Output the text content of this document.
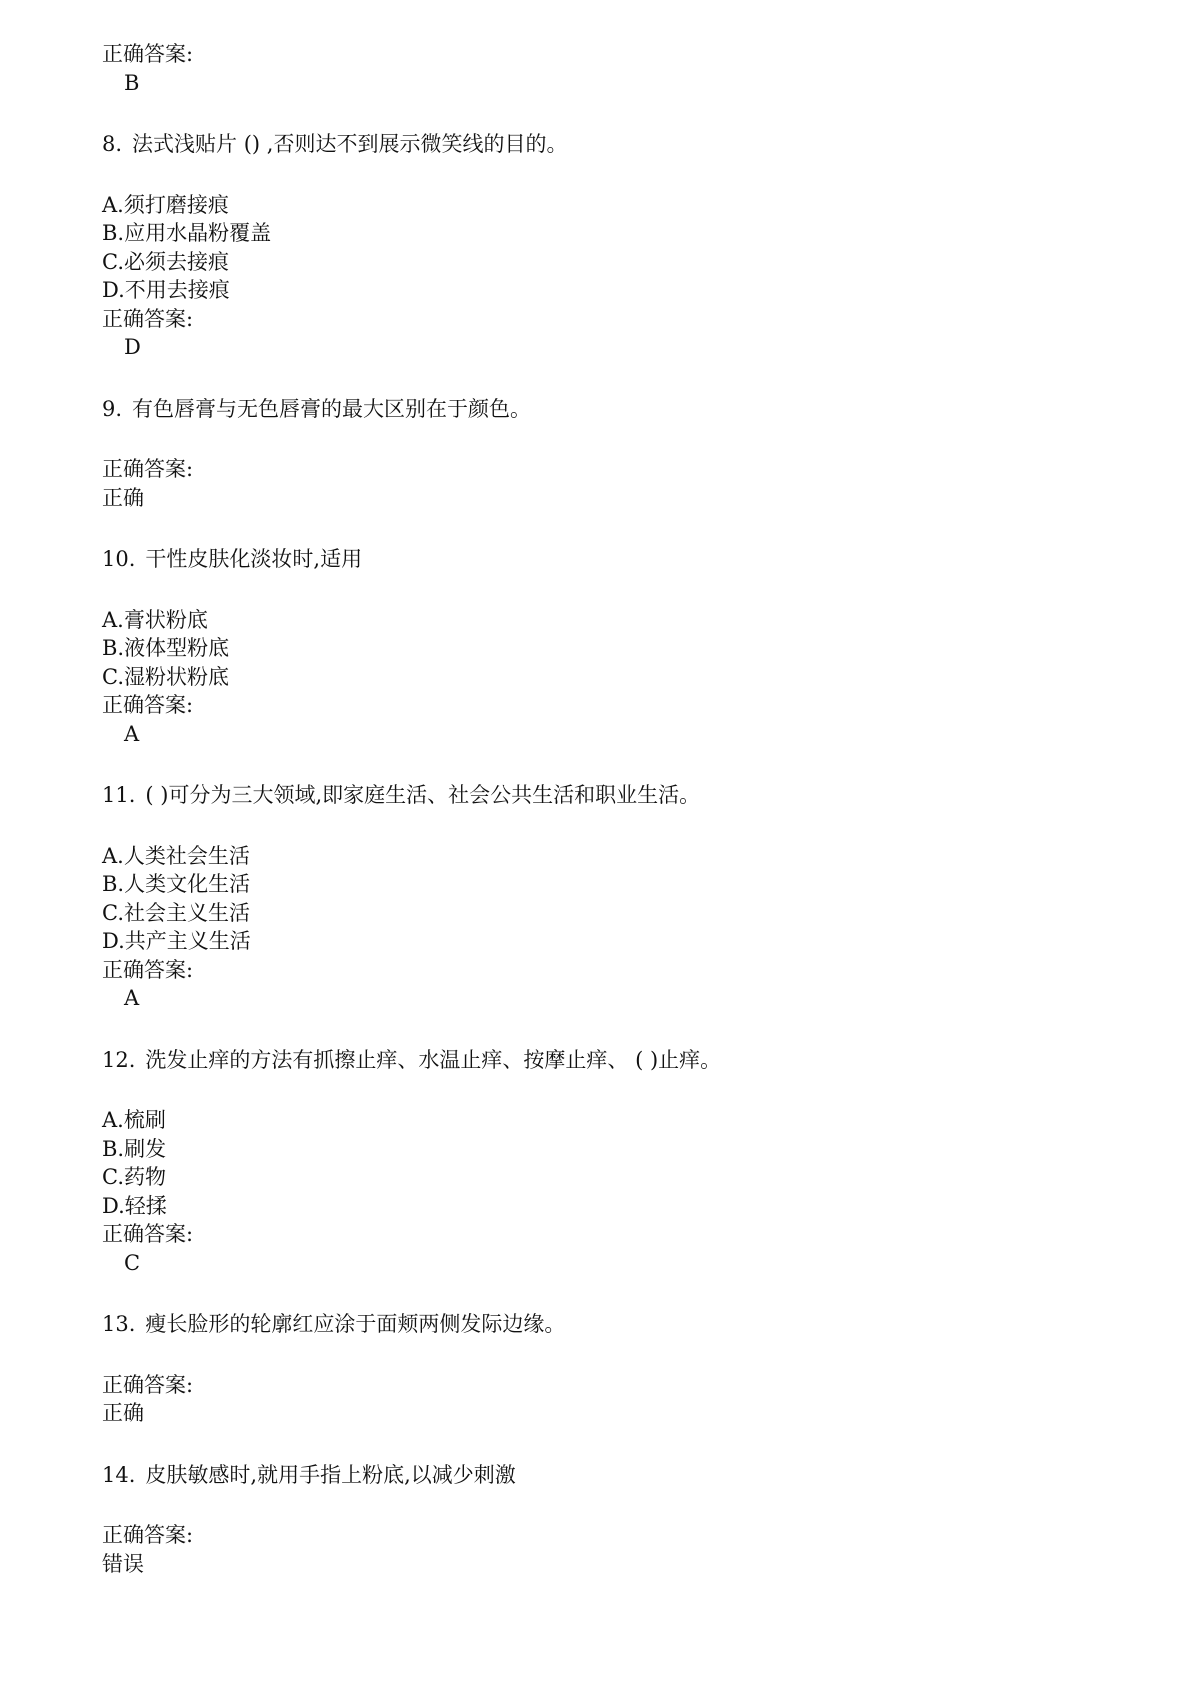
正确答案:
B
8. 法式浅贴片 () ,否则达不到展示微笑线的目的。
A.须打磨接痕
B.应用水晶粉覆盖
C.必须去接痕
D.不用去接痕
正确答案:
D
9. 有色唇膏与无色唇膏的最大区别在于颜色。
正确答案:
正确
10. 干性皮肤化淡妆时,适用
A.膏状粉底
B.液体型粉底
C.湿粉状粉底
正确答案:
A
11. ( )可分为三大领域,即家庭生活、社会公共生活和职业生活。
A.人类社会生活
B.人类文化生活
C.社会主义生活
D.共产主义生活
正确答案:
A
12. 洗发止痒的方法有抓擦止痒、水温止痒、按摩止痒、 ( )止痒。
A.梳刷
B.刷发
C.药物
D.轻揉
正确答案:
C
13. 瘦长脸形的轮廓红应涂于面颊两侧发际边缘。
正确答案:
正确
14. 皮肤敏感时,就用手指上粉底,以减少刺激
正确答案:
错误
